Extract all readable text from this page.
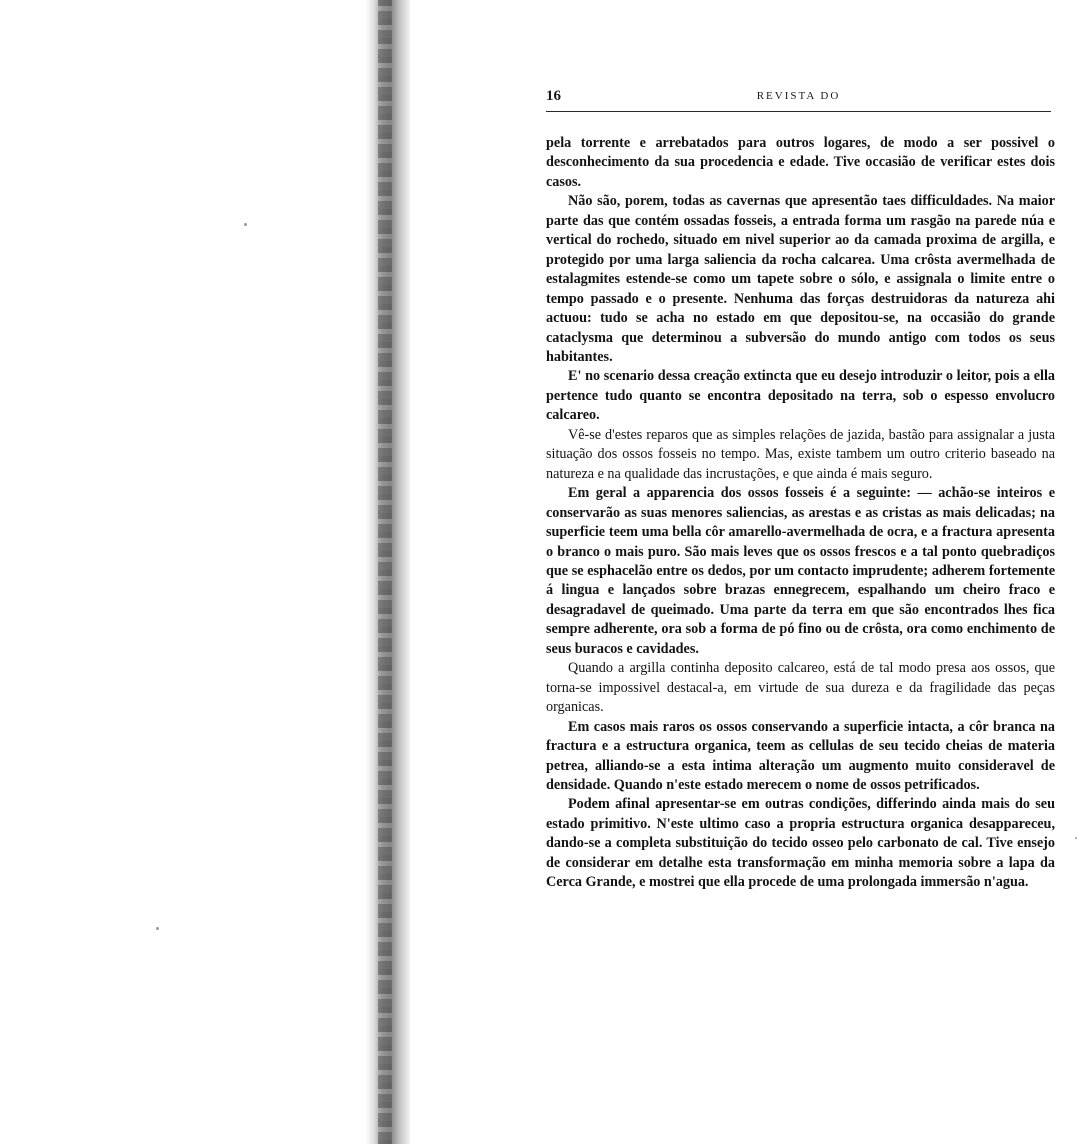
16	REVISTA DO

pela torrente e arrebatados para outros logares, de modo a ser possivel o desconhecimento da sua procedencia e edade. Tive occasião de verificar estes dois casos.

Não são, porem, todas as cavernas que apresentão taes difficuldades. Na maior parte das que contém ossadas fosseis, a entrada forma um rasgão na parede núa e vertical do rochedo, situado em nivel superior ao da camada proxima de argilla, e protegido por uma larga saliencia da rocha calcarea. Uma crôsta avermelhada de estalagmites estende-se como um tapete sobre o sólo, e assignala o limite entre o tempo passado e o presente. Nenhuma das forças destruidoras da natureza ahi actuou: tudo se acha no estado em que depositou-se, na occasião do grande cataclysma que determinou a subversão do mundo antigo com todos os seus habitantes.

E' no scenario dessa creação extincta que eu desejo introduzir o leitor, pois a ella pertence tudo quanto se encontra depositado na terra, sob o espesso envolucro calcareo.

Vê-se d'estes reparos que as simples relações de jazida, bastão para assignalar a justa situação dos ossos fosseis no tempo. Mas, existe tambem um outro criterio baseado na natureza e na qualidade das incrustações, e que ainda é mais seguro.

Em geral a apparencia dos ossos fosseis é a seguinte: — achão-se inteiros e conservarão as suas menores saliencias, as arestas e as cristas as mais delicadas; na superficie teem uma bella côr amarello-avermelhada de ocra, e a fractura apresenta o branco o mais puro. São mais leves que os ossos frescos e a tal ponto quebradiços que se esphacelão entre os dedos, por um contacto imprudente; adherem fortemente á lingua e lançados sobre brazas ennegrecem, espalhando um cheiro fraco e desagradavel de queimado. Uma parte da terra em que são encontrados lhes fica sempre adherente, ora sob a forma de pó fino ou de crôsta, ora como enchimento de seus buracos e cavidades.

Quando a argilla continha deposito calcareo, está de tal modo presa aos ossos, que torna-se impossivel destacal-a, em virtude de sua dureza e da fragilidade das peças organicas.

Em casos mais raros os ossos conservando a superficie intacta, a côr branca na fractura e a estructura organica, teem as cellulas de seu tecido cheias de materia petrea, alliando-se a esta intima alteração um augmento muito consideravel de densidade. Quando n'este estado merecem o nome de ossos petrificados.

Podem afinal apresentar-se em outras condições, differindo ainda mais do seu estado primitivo. N'este ultimo caso a propria estructura organica desappareceu, dando-se a completa substituição do tecido osseo pelo carbonato de cal. Tive ensejo de considerar em detalhe esta transformação em minha memoria sobre a lapa da Cerca Grande, e mostrei que ella procede de uma prolongada immersão n'agua.
